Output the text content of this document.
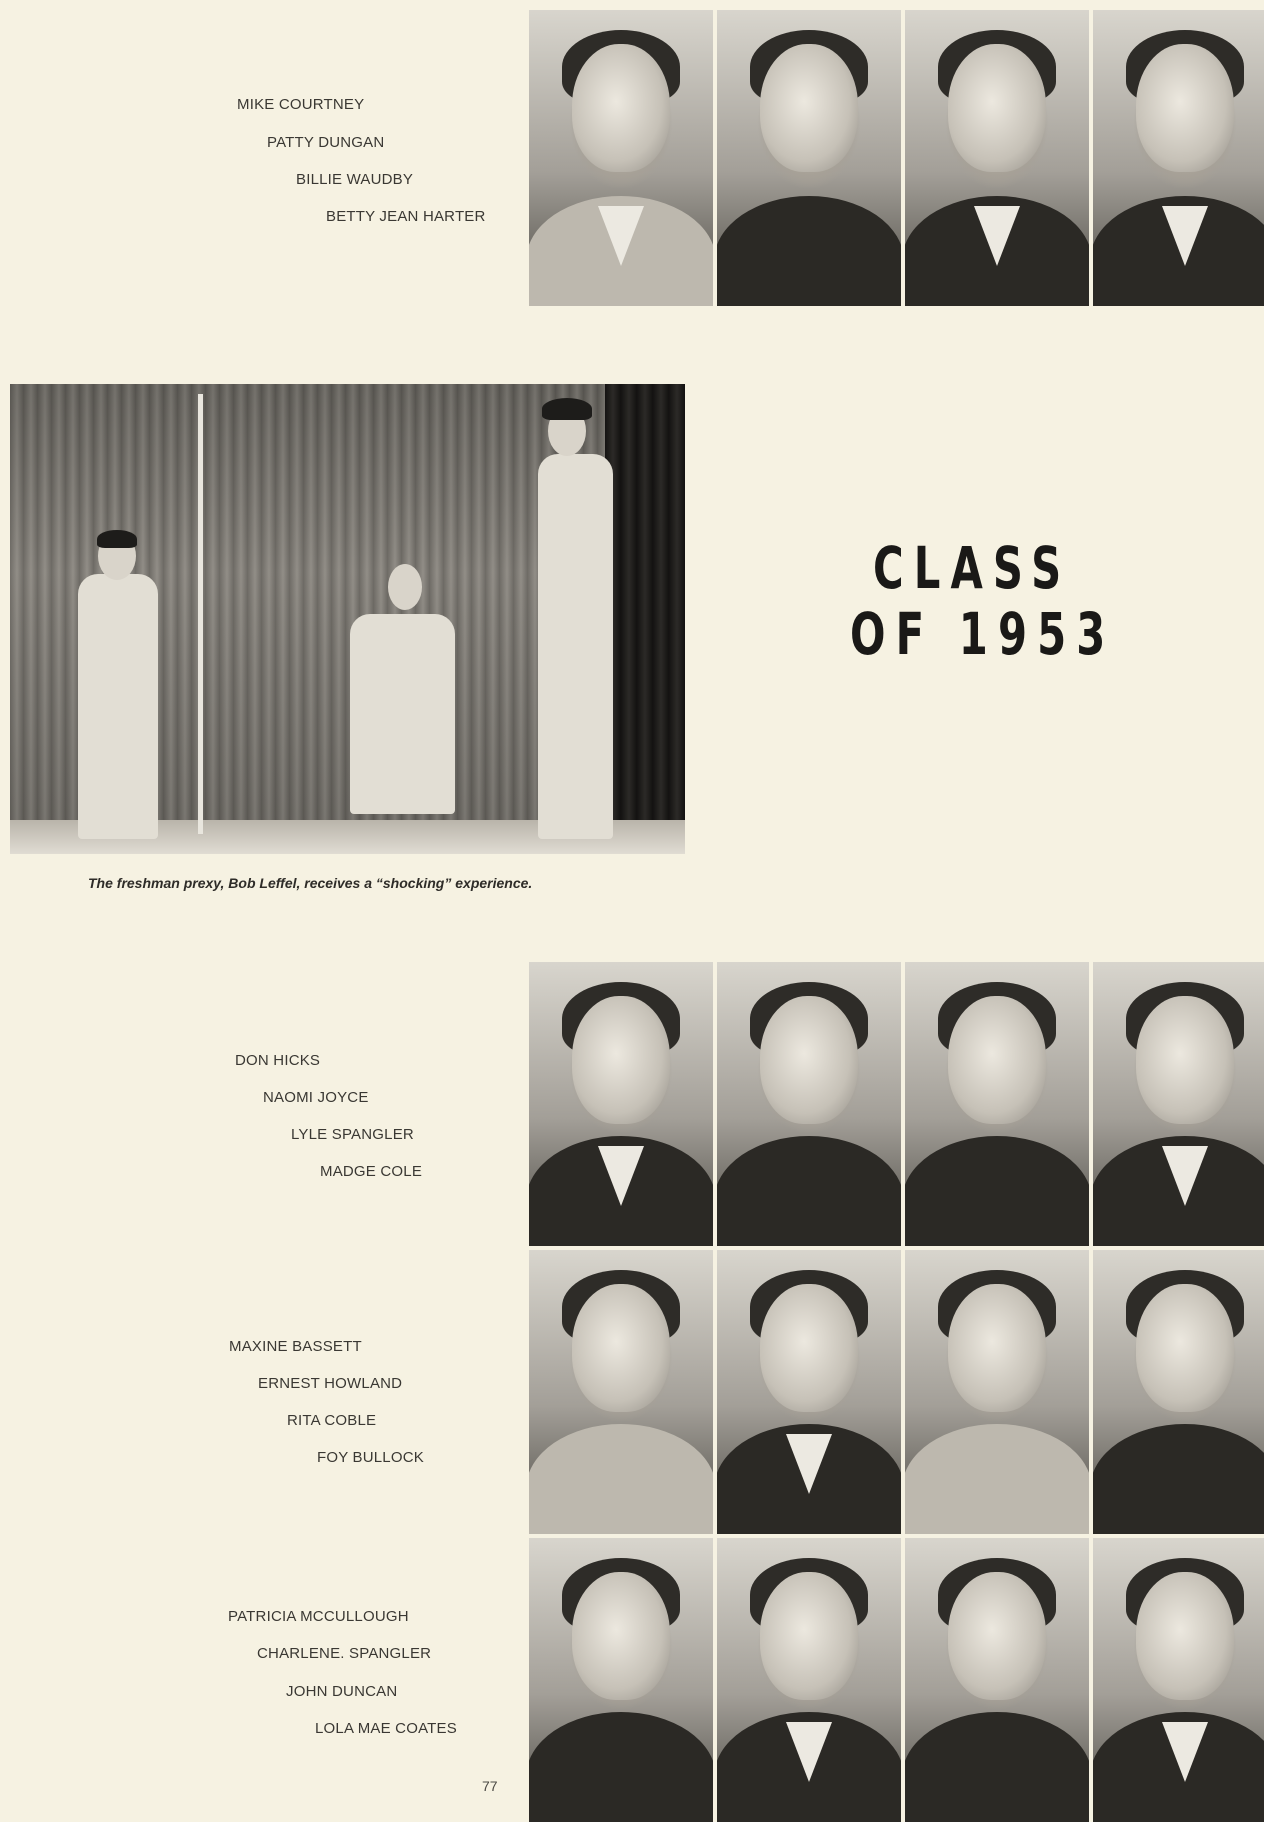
MIKE COURTNEY
PATTY DUNGAN
BILLIE WAUDBY
BETTY JEAN HARTER
The freshman prexy, Bob Leffel, receives a “shocking” experience.
CLASS
OF 1953
DON HICKS
NAOMI JOYCE
LYLE SPANGLER
MADGE COLE
MAXINE BASSETT
ERNEST HOWLAND
RITA COBLE
FOY BULLOCK
PATRICIA MCCULLOUGH
CHARLENE. SPANGLER
JOHN DUNCAN
LOLA MAE COATES
77
